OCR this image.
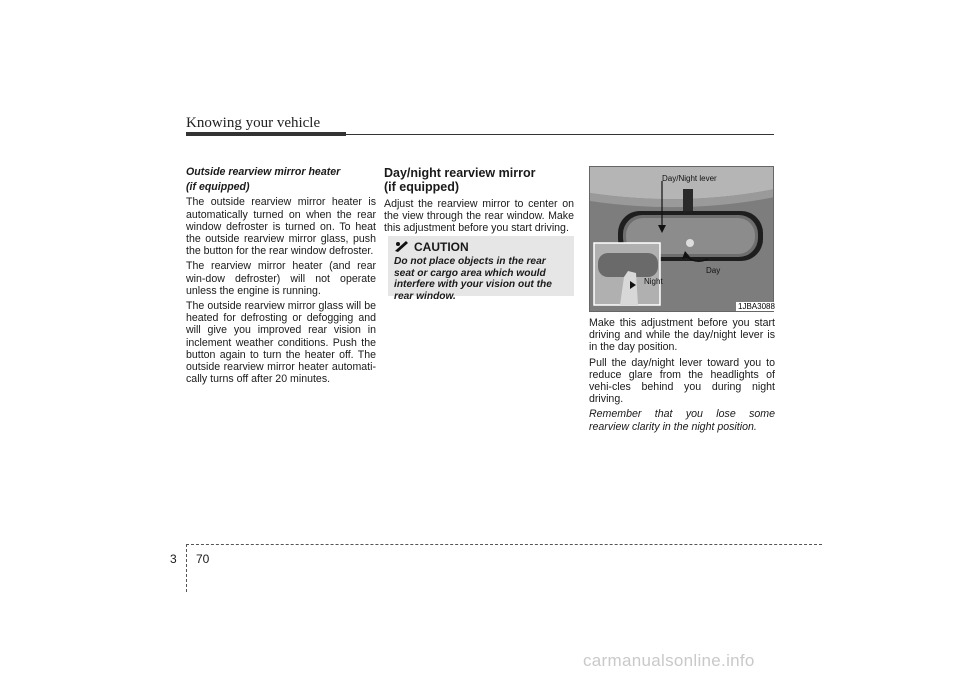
Knowing your vehicle

Outside rearview mirror heater

(if equipped)

The outside rearview mirror heater is automatically turned on when the rear window defroster is turned on. To heat the outside rearview mirror glass, push the button for the rear window defroster.

The rearview mirror heater (and rear win-dow defroster) will not operate unless the engine is running.

The outside rearview mirror glass will be heated for defrosting or defogging and will give you improved rear vision in inclement weather conditions. Push the button again to turn the heater off. The outside rearview mirror heater automati-cally turns off after 20 minutes.

Day/night rearview mirror
(if equipped)

Adjust the rearview mirror to center on the view through the rear window. Make this adjustment before you start driving.

CAUTION
Do not place objects in the rear seat or cargo area which would interfere with your vision out the rear window.
Day/Night lever
Day
Night
1JBA3088

Make this adjustment before you start driving and while the day/night lever is in the day position.

Pull the day/night lever toward you to reduce glare from the headlights of vehi-cles behind you during night driving.

Remember that you lose some rearview clarity in the night position.

3 70
carmanualsonline.info
